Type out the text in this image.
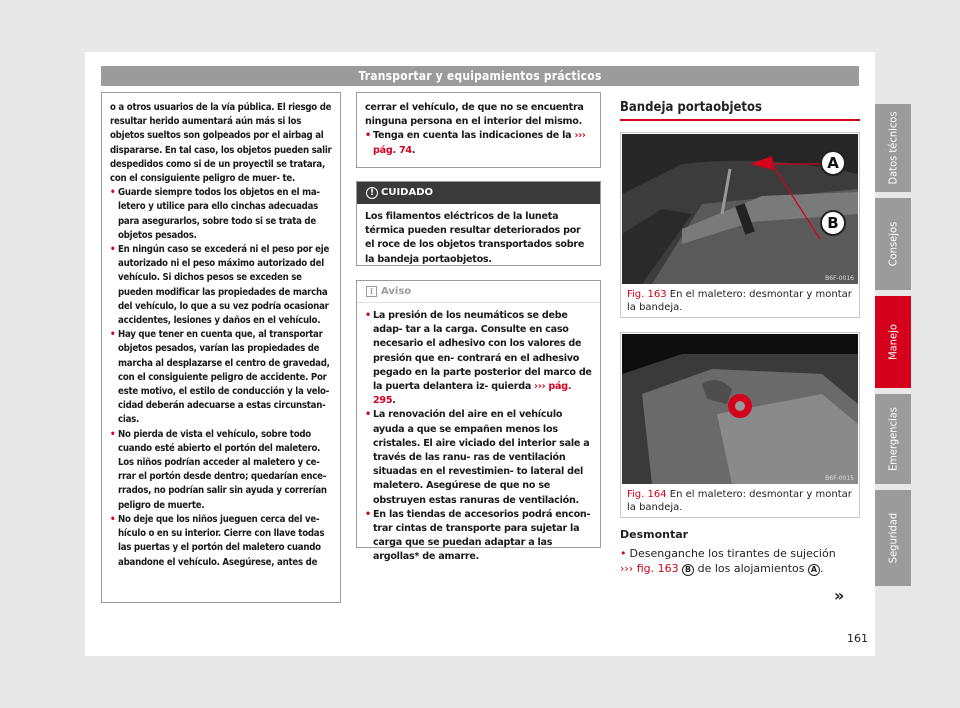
Transportar y equipamientos prácticos

o a otros usuarios de la vía pública. El riesgo de resultar herido aumentará aún más si los objetos sueltos son golpeados por el airbag al dispararse. En tal caso, los objetos pueden salir despedidos como si de un proyectil se tratara, con el consiguiente peligro de muer- te.

• Guarde siempre todos los objetos en el ma- letero y utilice para ello cinchas adecuadas para asegurarlos, sobre todo si se trata de objetos pesados.

• En ningún caso se excederá ni el peso por eje autorizado ni el peso máximo autorizado del vehículo. Si dichos pesos se exceden se pueden modificar las propiedades de marcha del vehículo, lo que a su vez podría ocasionar accidentes, lesiones y daños en el vehículo.

• Hay que tener en cuenta que, al transportar objetos pesados, varían las propiedades de marcha al desplazarse el centro de gravedad, con el consiguiente peligro de accidente. Por este motivo, el estilo de conducción y la velo- cidad deberán adecuarse a estas circunstan- cias.

• No pierda de vista el vehículo, sobre todo cuando esté abierto el portón del maletero. Los niños podrían acceder al maletero y ce- rrar el portón desde dentro; quedarían ence- rrados, no podrían salir sin ayuda y correrían peligro de muerte.

• No deje que los niños jueguen cerca del ve- hículo o en su interior. Cierre con llave todas las puertas y el portón del maletero cuando abandone el vehículo. Asegúrese, antes de

cerrar el vehículo, de que no se encuentra ninguna persona en el interior del mismo.

• Tenga en cuenta las indicaciones de la ››› pág. 74.

! CUIDADO

Los filamentos eléctricos de la luneta térmica pueden resultar deteriorados por el roce de los objetos transportados sobre la bandeja portaobjetos.

i Aviso

• La presión de los neumáticos se debe adap- tar a la carga. Consulte en caso necesario el adhesivo con los valores de presión que en- contrará en el adhesivo pegado en la parte posterior del marco de la puerta delantera iz- quierda ››› pág. 295.

• La renovación del aire en el vehículo ayuda a que se empañen menos los cristales. El aire viciado del interior sale a través de las ranu- ras de ventilación situadas en el revestimien- to lateral del maletero. Asegúrese de que no se obstruyen estas ranuras de ventilación.

• En las tiendas de accesorios podrá encon- trar cintas de transporte para sujetar la carga que se puedan adaptar a las argollas* de amarre.

Bandeja portaobjetos
A
B
B6F-0016
Fig. 163 En el maletero: desmontar y montar la bandeja.
B6F-0015
Fig. 164 En el maletero: desmontar y montar la bandeja.
Desmontar
• Desenganche los tirantes de sujeción
››› fig. 163 B de los alojamientos A .
»
161
Datos técnicos
Consejos
Manejo
Emergencias
Seguridad
